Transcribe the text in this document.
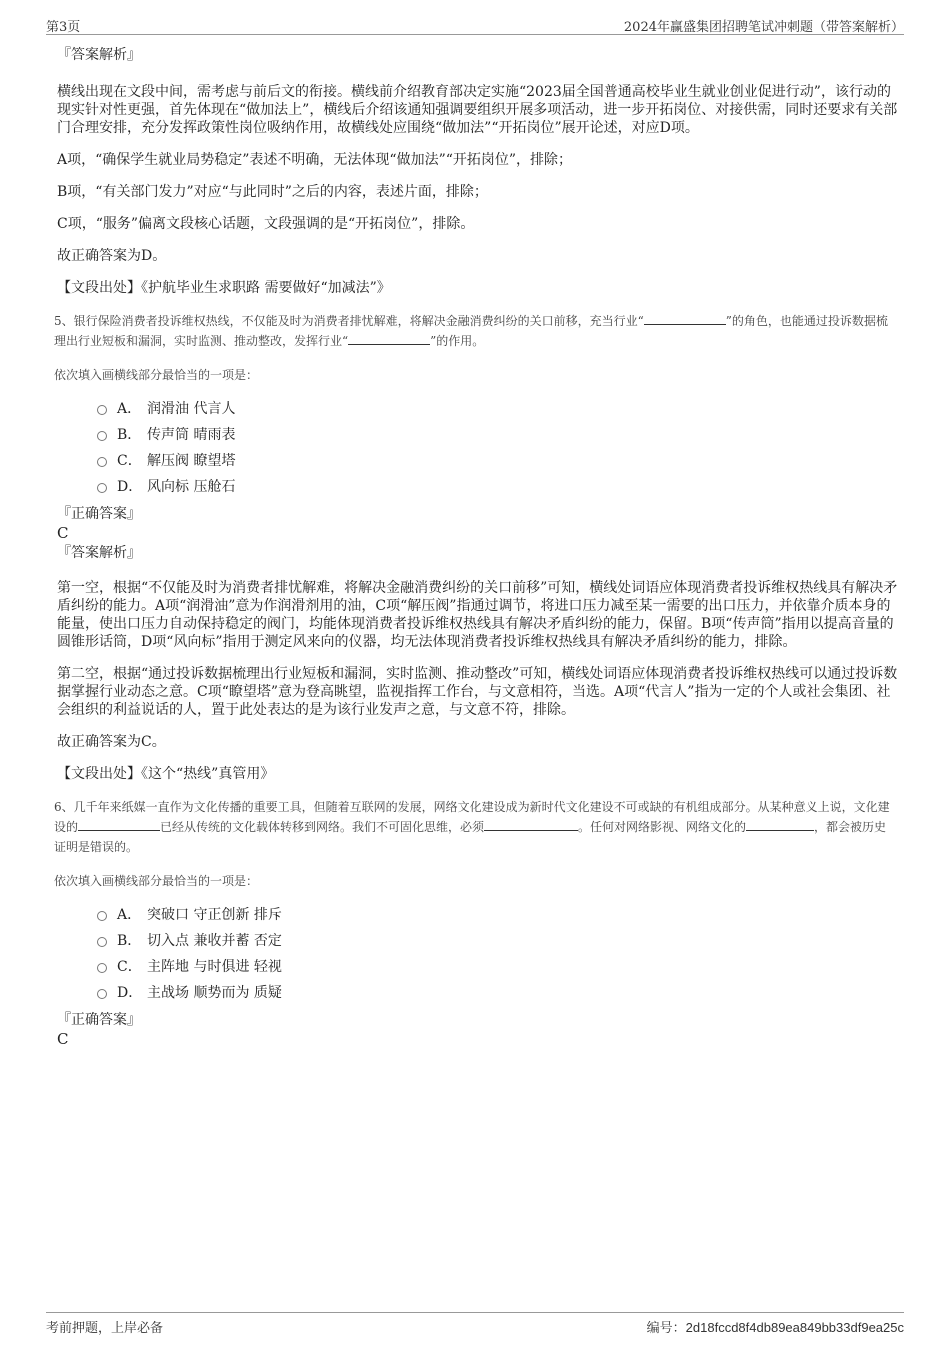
第3页	2024年赢盛集团招聘笔试冲刺题（带答案解析）
『答案解析』

横线出现在文段中间，需考虑与前后文的衔接。横线前介绍教育部决定实施“2023届全国普通高校毕业生就业创业促进行动”，该行动的现实针对性更强，首先体现在“做加法上”，横线后介绍该通知强调要组织开展多项活动，进一步开拓岗位、对接供需，同时还要求有关部门合理安排，充分发挥政策性岗位吸纳作用，故横线处应围绕“做加法”“开拓岗位”展开论述，对应D项。

A项，“确保学生就业局势稳定”表述不明确，无法体现“做加法”“开拓岗位”，排除；

B项，“有关部门发力”对应“与此同时”之后的内容，表述片面，排除；

C项，“服务”偏离文段核心话题，文段强调的是“开拓岗位”，排除。

故正确答案为D。

【文段出处】《护航毕业生求职路 需要做好“加减法”》

5、银行保险消费者投诉维权热线，不仅能及时为消费者排忧解难，将解决金融消费纠纷的关口前移，充当行业“	”的角色，也能通过投诉数据梳理出行业短板和漏洞，实时监测、推动整改，发挥行业“	”的作用。

依次填入画横线部分最恰当的一项是：

A． 润滑油 代言人
B． 传声筒 晴雨表
C． 解压阀 瞭望塔
D． 风向标 压舱石
『正确答案』
C
『答案解析』

第一空，根据“不仅能及时为消费者排忧解难，将解决金融消费纠纷的关口前移”可知，横线处词语应体现消费者投诉维权热线具有解决矛盾纠纷的能力。A项“润滑油”意为作润滑剂用的油，C项“解压阀”指通过调节，将进口压力减至某一需要的出口压力，并依靠介质本身的能量，使出口压力自动保持稳定的阀门，均能体现消费者投诉维权热线具有解决矛盾纠纷的能力，保留。B项“传声筒”指用以提高音量的圆锥形话筒，D项“风向标”指用于测定风来向的仪器，均无法体现消费者投诉维权热线具有解决矛盾纠纷的能力，排除。

第二空，根据“通过投诉数据梳理出行业短板和漏洞，实时监测、推动整改”可知，横线处词语应体现消费者投诉维权热线可以通过投诉数据掌握行业动态之意。C项“瞭望塔”意为登高眺望，监视指挥工作台，与文意相符，当选。A项“代言人”指为一定的个人或社会集团、社会组织的利益说话的人，置于此处表达的是为该行业发声之意，与文意不符，排除。

故正确答案为C。

【文段出处】《这个“热线”真管用》

6、几千年来纸媒一直作为文化传播的重要工具，但随着互联网的发展，网络文化建设成为新时代文化建设不可或缺的有机组成部分。从某种意义上说，文化建设的	已经从传统的文化载体转移到网络。我们不可固化思维，必须	。任何对网络影视、网络文化的	，都会被历史证明是错误的。

依次填入画横线部分最恰当的一项是：

A． 突破口 守正创新 排斥
B． 切入点 兼收并蓄 否定
C． 主阵地 与时俱进 轻视
D． 主战场 顺势而为 质疑
『正确答案』
C
考前押题，上岸必备	编号：2d18fccd8f4db89ea849bb33df9ea25c
